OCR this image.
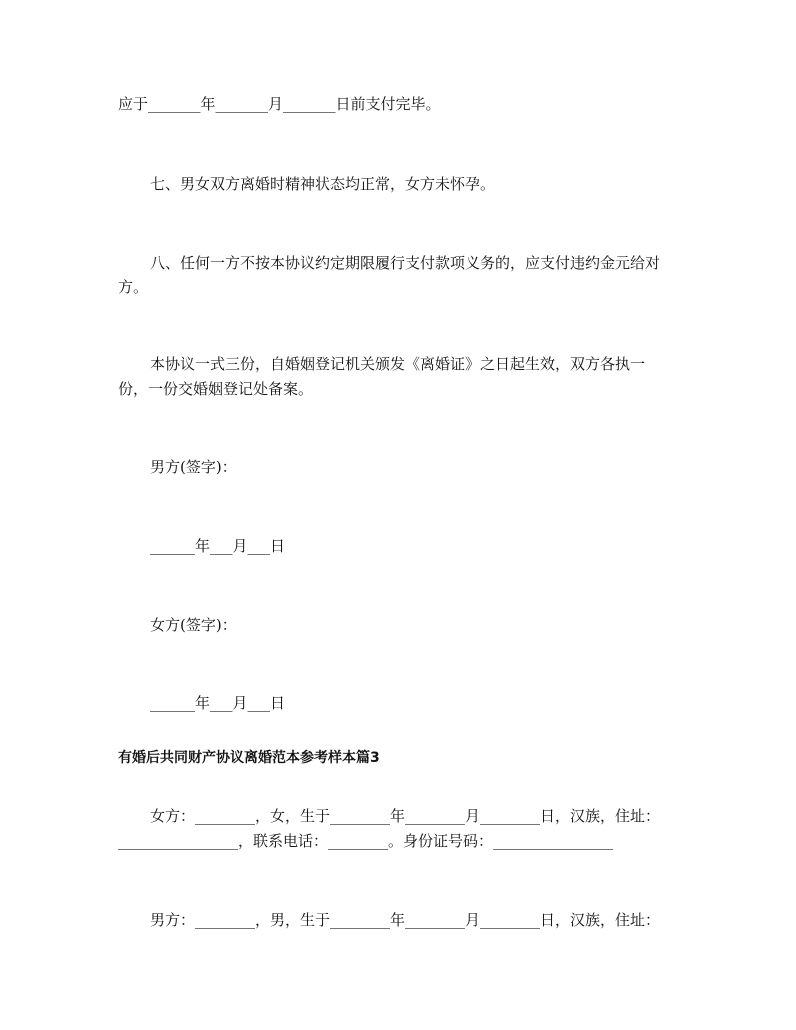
应于_______年_______月_______日前支付完毕。
七、男女双方离婚时精神状态均正常，女方未怀孕。
八、任何一方不按本协议约定期限履行支付款项义务的，应支付违约金元给对
方。
本协议一式三份，自婚姻登记机关颁发《离婚证》之日起生效，双方各执一
份，一份交婚姻登记处备案。
男方(签字)：
______年___月___日
女方(签字)：
______年___月___日
有婚后共同财产协议离婚范本参考样本篇3
女方：________，女，生于________年________月________日，汉族，住址：
________________，联系电话：________。身份证号码：________________
男方：________，男，生于________年________月________日，汉族，住址：
